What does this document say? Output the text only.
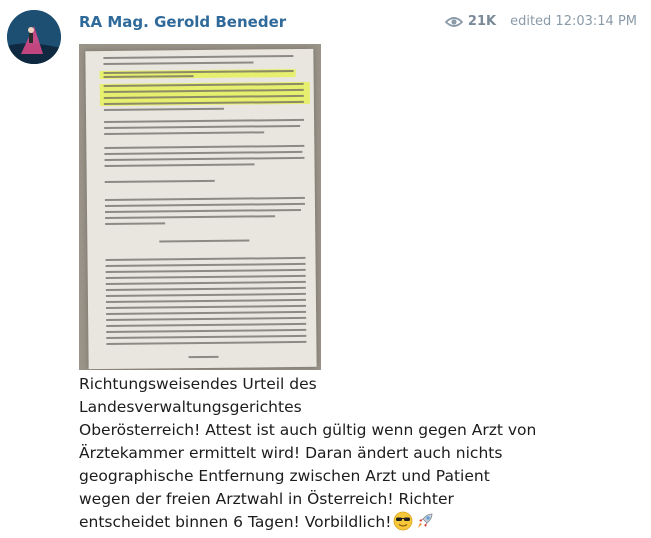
RA Mag. Gerold Beneder	21K edited 12:03:14 PM

Richtungsweisendes Urteil des Landesverwaltungsgerichtes

Oberösterreich! Attest ist auch gültig wenn gegen Arzt von

Ärztekammer ermittelt wird! Daran ändert auch nichts

geographische Entfernung zwischen Arzt und Patient

wegen der freien Arztwahl in Österreich! Richter

entscheidet binnen 6 Tagen! Vorbildlich!
